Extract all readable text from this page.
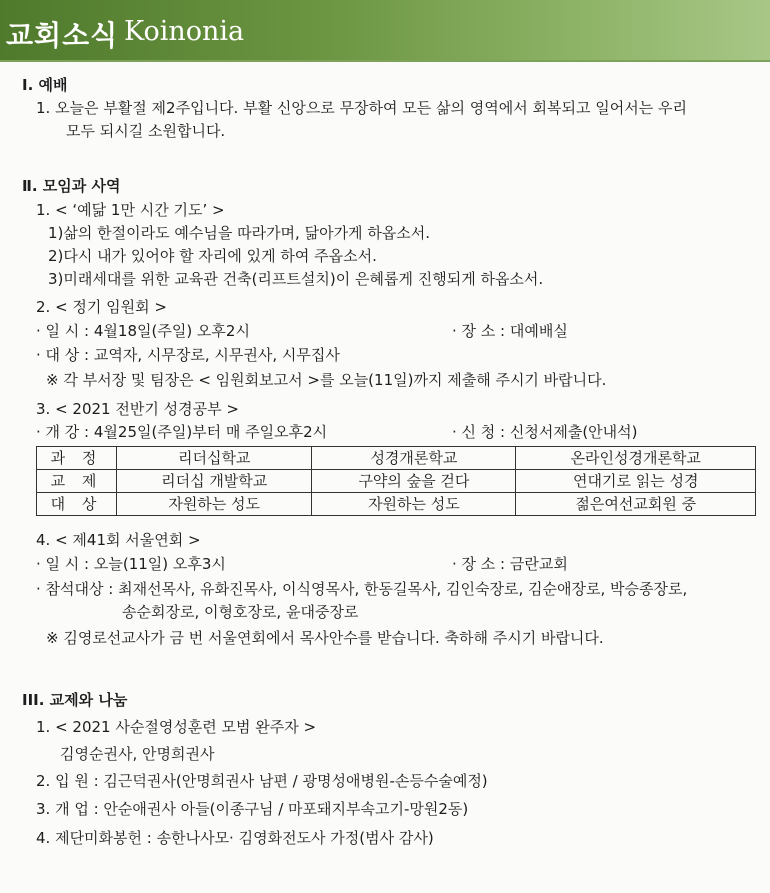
교회소식 Koinonia
Ⅰ. 예배
1. 오늘은 부활절 제2주입니다. 부활 신앙으로 무장하여 모든 삶의 영역에서 회복되고 일어서는 우리
모두 되시길 소원합니다.
Ⅱ. 모임과 사역
1. < ‘예닮 1만 시간 기도’ >
1)삶의 한절이라도 예수님을 따라가며, 닮아가게 하옵소서.
2)다시 내가 있어야 할 자리에 있게 하여 주옵소서.
3)미래세대를 위한 교육관 건축(리프트설치)이 은혜롭게 진행되게 하옵소서.
2. < 정기 임원회 >
· 일 시 : 4월18일(주일) 오후2시	· 장 소 : 대예배실
· 대 상 : 교역자, 시무장로, 시무권사, 시무집사
※ 각 부서장 및 팀장은 < 임원회보고서 >를 오늘(11일)까지 제출해 주시기 바랍니다.
3. < 2021 전반기 성경공부 >
· 개 강 : 4월25일(주일)부터 매 주일오후2시	· 신 청 : 신청서제출(안내석)
과 정	리더십학교	성경개론학교	온라인성경개론학교
교 제	리더십 개발학교	구약의 숲을 걷다	연대기로 읽는 성경
대 상	자원하는 성도	자원하는 성도	젊은여선교회원 중
4. < 제41회 서울연회 >
· 일 시 : 오늘(11일) 오후3시	· 장 소 : 금란교회
· 참석대상 : 최재선목사, 유화진목사, 이식영목사, 한동길목사, 김인숙장로, 김순애장로, 박승종장로,
송순회장로, 이형호장로, 윤대중장로
※ 김영로선교사가 금 번 서울연회에서 목사안수를 받습니다. 축하해 주시기 바랍니다.
III. 교제와 나눔
1. < 2021 사순절영성훈련 모범 완주자 >
김영순권사, 안명희권사
2. 입 원 : 김근덕권사(안명희권사 남편 / 광명성애병원-손등수술예정)
3. 개 업 : 안순애권사 아들(이종구님 / 마포돼지부속고기-망원2동)
4. 제단미화봉헌 : 송한나사모· 김영화전도사 가정(범사 감사)
